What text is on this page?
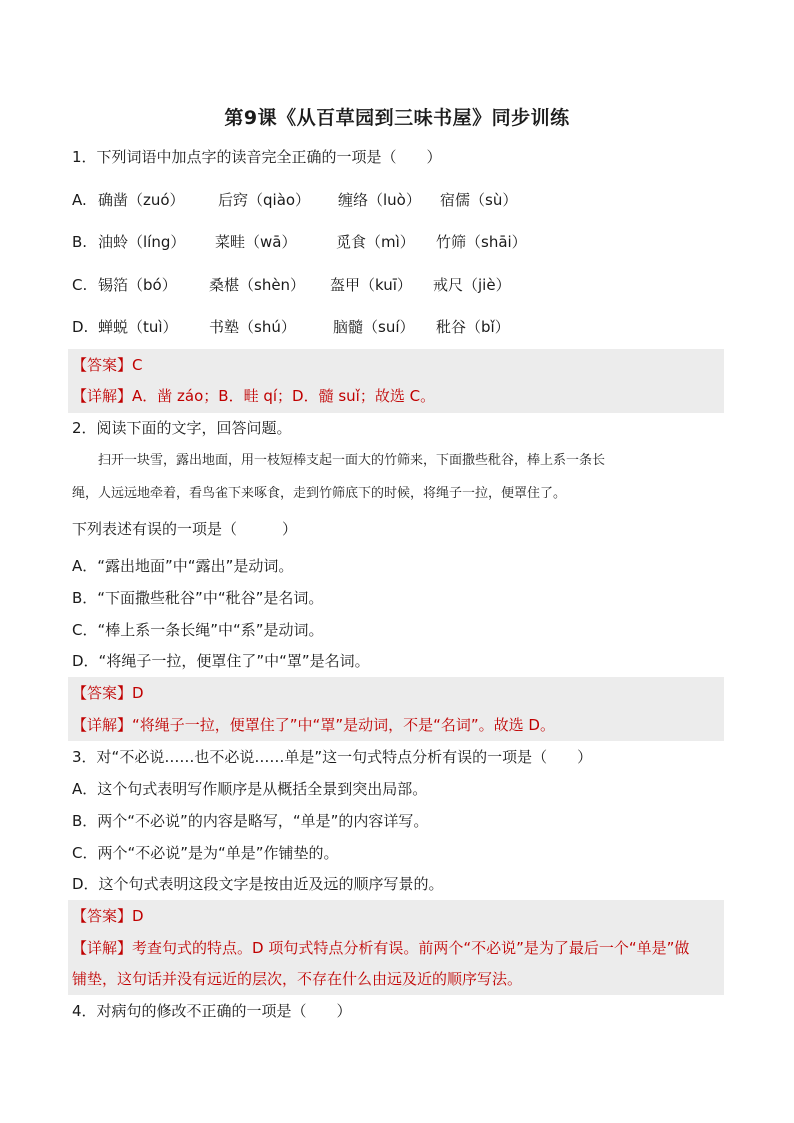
第9课《从百草园到三味书屋》同步训练
1．下列词语中加点字的读音完全正确的一项是（　　）
A. 确凿（zuó） 后窍（qiào） 缠络（luò） 宿儒（sù）
B. 油蛉（líng） 菜畦（wā）	觅食（mì） 竹筛（shāi）
C. 锡箔（bó） 桑椹（shèn） 盔甲（kuī） 戒尺（jiè）
D. 蝉蜕（tuì） 书塾（shú） 脑髓（suí） 秕谷（bǐ）
【答案】C
【详解】A．凿 záo；B．畦 qí；D．髓 suǐ；故选 C。
2．阅读下面的文字，回答问题。
扫开一块雪，露出地面，用一枝短棒支起一面大的竹筛来，下面撒些秕谷，棒上系一条长
绳，人远远地牵着，看鸟雀下来啄食，走到竹筛底下的时候，将绳子一拉，便罩住了。
下列表述有误的一项是（　　　）
A．“露出地面”中“露出”是动词。
B．“下面撒些秕谷”中“秕谷”是名词。
C．“棒上系一条长绳”中“系”是动词。
D．“将绳子一拉，便罩住了”中“罩”是名词。
【答案】D
【详解】“将绳子一拉，便罩住了”中“罩”是动词，不是“名词”。故选 D。
3．对“不必说……也不必说……单是”这一句式特点分析有误的一项是（　　）
A．这个句式表明写作顺序是从概括全景到突出局部。
B．两个“不必说”的内容是略写，“单是”的内容详写。
C．两个“不必说”是为“单是”作铺垫的。
D．这个句式表明这段文字是按由近及远的顺序写景的。
【答案】D
【详解】考查句式的特点。D 项句式特点分析有误。前两个“不必说”是为了最后一个“单是”做
铺垫，这句话并没有远近的层次，不存在什么由远及近的顺序写法。
4．对病句的修改不正确的一项是（　　）
